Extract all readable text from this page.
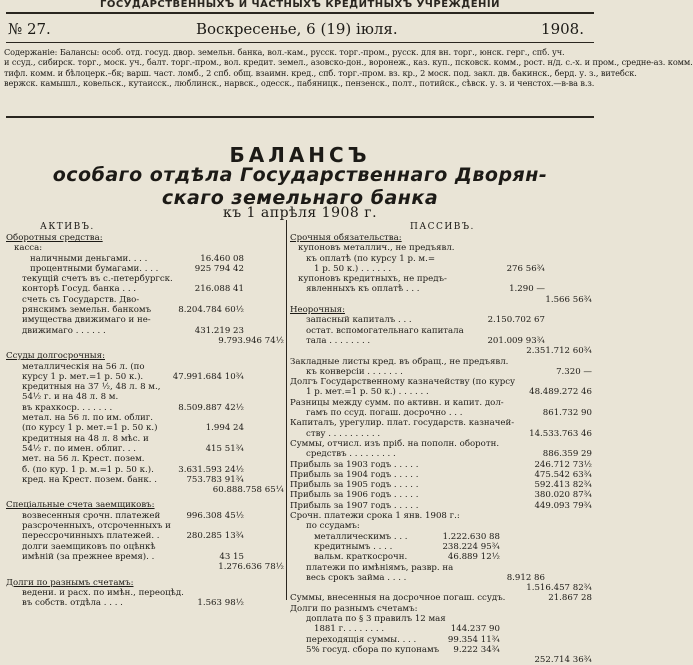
ГОСУДАРСТВЕННЫХЪ И ЧАСТНЫХЪ КРЕДИТНЫХЪ УЧРЕЖДЕНIЙ
№ 27.	Воскресенье, 6 (19) iюля.	1908.
Содержанiе: Балансы: особ. отд. госуд. двор. земельн. банка, вол.-кам., русск. торг.-пром., русск. для вн. торг., юнск. герг., спб. уч.
и ссуд., сибирск. торг., моск. уч., балт. торг.-пром., вол. кредит. земел., азовско-дон., воронеж., каз. куп., псковск. комм., рост. н/д. с.-х. и пром., средне-аз. комм.
тифл. комм. и бѣлоцерк.–бк; варш. част. ломб., 2 спб. общ. взаимн. кред., спб. торг.-пром. вз. кр., 2 моск. под. закл. дв. бакинск., берд. у. з., витебск.
вержск. камышл., ковельск., кутаисск., люблинск., нарвск., одесск., пабяницк., пензенск., полт., потийск., сѣвск. у. з. и ченстох.—в-ва в.з.

БАЛАНСЪ
особаго отдѣла Государственнаго Дворян-
скаго земельнаго банка
къ 1 апрѣля 1908 г.
АКТИВЪ.	ПАССИВЪ.
Оборотныя средства:
касса:
наличными деньгами. . . .	16.460 08
процентными бумагами. . . .	925 794 42
текущiй счетъ въ с.-петербургск.
конторѣ Госуд. банка . . .	216.088 41
счеть съ Государств. Дво-
рянскимъ земельн. банкомъ	8.204.784 60½
имущества движимаго и не-
движимаго . . . . . .	431.219 23
9.793.946 74½
Ссуды долгосрочныя:
металлическiя на 56 л. (по
курсу 1 р. мет.=1 р. 50 к.).	47.991.684 10¾
кредитныя на 37 ½, 48 л. 8 м.,
54½ г. и на 48 л. 8 м.
въ крахкоср. . . . . . .	8.509.887 42½
метал. на 56 л. по им. облиг.
(по курсу 1 р. мет.=1 р. 50 к.)	1.994 24
кредитныя на 48 л. 8 мѣс. и
54½ г. по имен. облиг. . .	415 51¾
мет. на 56 л. Крест. позем.
б. (по кур. 1 р. м.=1 р. 50 к.).	3.631.593 24½
кред. на Крест. позем. банк. .	753.783 91¾
60.888.758 65¼
Спецiальные счета заемщиковъ:
возвесенныя срочн. платежей	996.308 45½
разсроченныхъ, отсроченныхъ и
перессрочинныхъ платежей. .	280.285 13¾
долги заемщиковъ по оцѣнкѣ
имѣнiй (за прежнее время). .	43 15
1.276.636 78½
Долги по разнымъ счетамъ:
ведени. и расх. по имѣн., переоцѣд.
въ собств. отдѣла . . . .	1.563 98½
Срочныя обязательства:
купоновъ металлич., не предъявл.
къ оплатѣ (по курсу 1 р. м.=
1 р. 50 к.) . . . . . .	276 56¾
купоновъ кредитныхъ, не предъ-
явленныхъ къ оплатѣ . . .	1.290 —
1.566 56¾
Неорочныя:
запасный капиталъ . . .	2.150.702 67
остат. вспомогательнаго капитала
тала . . . . . . . .	201.009 93¾
2.351.712 60¾
Закладные листы кред. въ обращ., не предъявл.
къ конверсiи . . . . . . .	7.320 —
Долгъ Государственному казначейству (по курсу
1 р. мет.=1 р. 50 к.) . . . . . .	48.489.272 46
Разницы между сумм. по активн. и капит. дол-
гамъ по ссуд. погаш. досрочно . . .	861.732 90
Капиталъ, урегулир. плат. государств. казначей-
ству . . . . . . . . . .	14.533.763 46
Суммы, отчисл. изъ прiб. на пополн. оборотн.
средствъ . . . . . . . . .	886.359 29
Прибыль за 1903 годъ . . . . .	246.712 73½
Прибыль за 1904 годъ . . . . .	475.542 63¾
Прибыль за 1905 годъ . . . . .	592.413 82¾
Прибыль за 1906 годъ . . . . .	380.020 87¾
Прибыль за 1907 годъ . . . . .	449.093 79¾
Срочн. платежи срока 1 янв. 1908 г.:
по ссудамъ:
металлическимъ . . .	1.222.630 88
кредитнымъ . . . .	238.224 95¾
вальм. краткосрочн.	46.889 12½
платежи по имѣнiямъ, развр. на
весь срокъ займа . . . .	8.912 86
1.516.457 82¾
Суммы, внесенныя на досрочное погаш. ссудъ.	21.867 28
Долги по разнымъ счетамъ:
доплата по § 3 правилъ 12 мая
1881 г. . . . . . . .	144.237 90
переходящiя суммы. . . .	99.354 11¾
5% госуд. сбора по купонамъ	9.222 34¾
252.714 36¾
